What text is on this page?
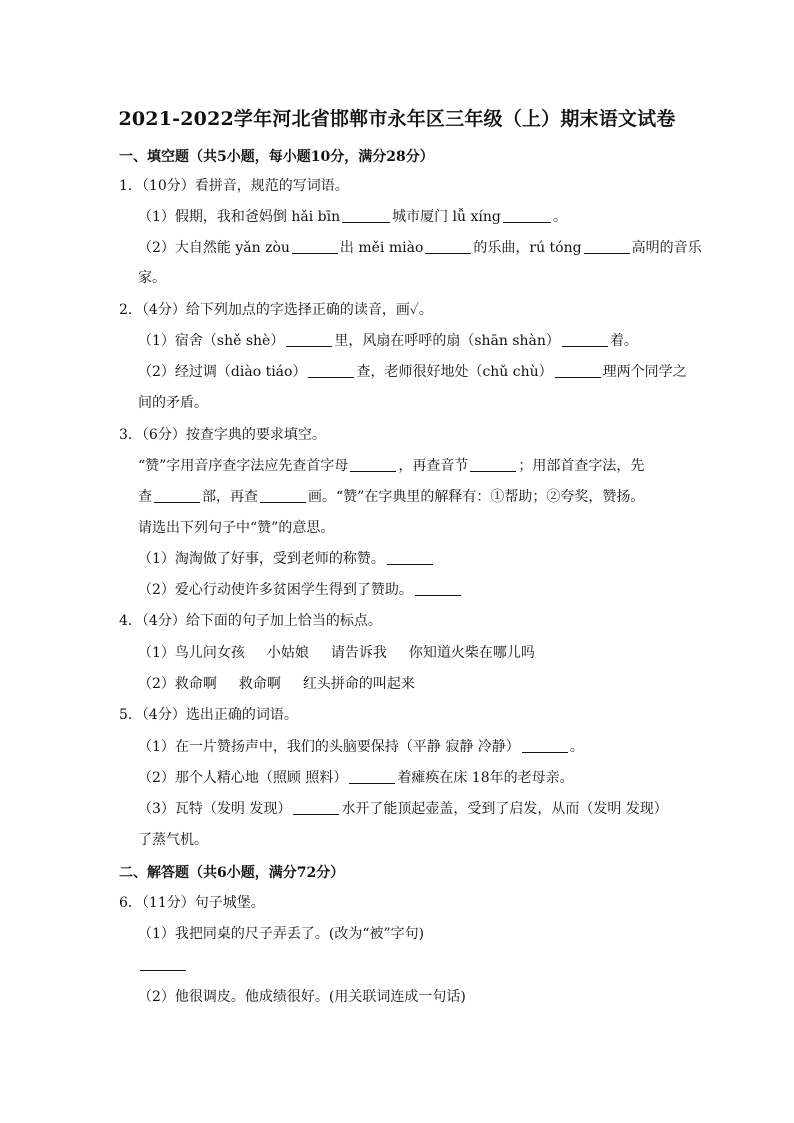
2021-2022学年河北省邯郸市永年区三年级（上）期末语文试卷
一、填空题（共5小题，每小题10分，满分28分）
1．（10分）看拼音，规范的写词语。
（1）假期，我和爸妈倒 hǎi bīn	城市厦门 lǚ xíng	。
（2）大自然能 yǎn zòu	出 měi miào	的乐曲，rú tóng	高明的音乐
家。
2．（4分）给下列加点的字选择正确的读音，画✓。
（1）宿舍（shě shè）	里，风扇在呼呼的扇（shān shàn）	着。
（2）经过调（diào tiáo）	查，老师很好地处（chǔ chù）	理两个同学之
间的矛盾。
3．（6分）按查字典的要求填空。
“赞”字用音序查字法应先查首字母	，再查音节	；用部首查字法，先
查	部，再查	画。“赞”在字典里的解释有：①帮助；②夸奖，赞扬。
请选出下列句子中“赞”的意思。
（1）淘淘做了好事，受到老师的称赞。
（2）爱心行动使许多贫困学生得到了赞助。
4．（4分）给下面的句子加上恰当的标点。
（1）鸟儿问女孩 小姑娘 请告诉我 你知道火柴在哪儿吗
（2）救命啊 救命啊 红头拼命的叫起来
5．（4分）选出正确的词语。
（1）在一片赞扬声中，我们的头脑要保持（平静 寂静 冷静）	。
（2）那个人精心地（照顾 照料）	着瘫痪在床 18年的老母亲。
（3）瓦特（发明 发现）	水开了能顶起壶盖，受到了启发，从而（发明 发现）
了蒸气机。
二、解答题（共6小题，满分72分）
6．（11分）句子城堡。
（1）我把同桌的尺子弄丢了。(改为“被”字句)
（2）他很调皮。他成绩很好。(用关联词连成一句话)
